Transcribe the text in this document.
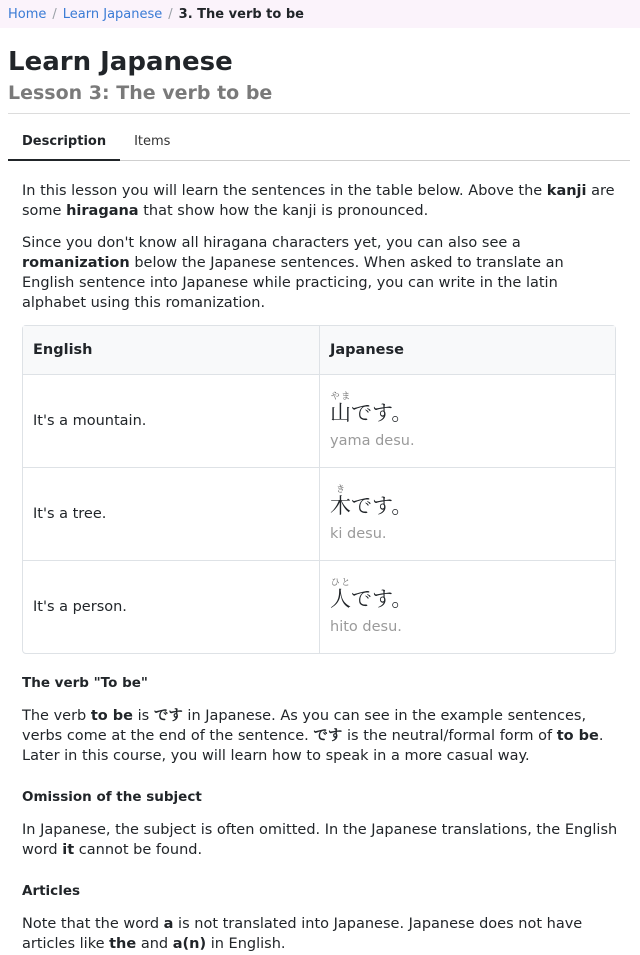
Home / Learn Japanese / 3. The verb to be
Learn Japanese
Lesson 3: The verb to be
Description	Items

In this lesson you will learn the sentences in the table below. Above the kanji are some hiragana that show how the kanji is pronounced.

Since you don't know all hiragana characters yet, you can also see a romanization below the Japanese sentences. When asked to translate an English sentence into Japanese while practicing, you can write in the latin alphabet using this romanization.

English	Japanese
It's a mountain.	山やまです。
yama desu.

It's a tree.	木きです。
ki desu.

It's a person.	人ひとです。
hito desu.
The verb "To be"

The verb to be is です in Japanese. As you can see in the example sentences, verbs come at the end of the sentence. です is the neutral/formal form of to be. Later in this course, you will learn how to speak in a more casual way.

Omission of the subject

In Japanese, the subject is often omitted. In the Japanese translations, the English word it cannot be found.

Articles

Note that the word a is not translated into Japanese. Japanese does not have articles like the and a(n) in English.
